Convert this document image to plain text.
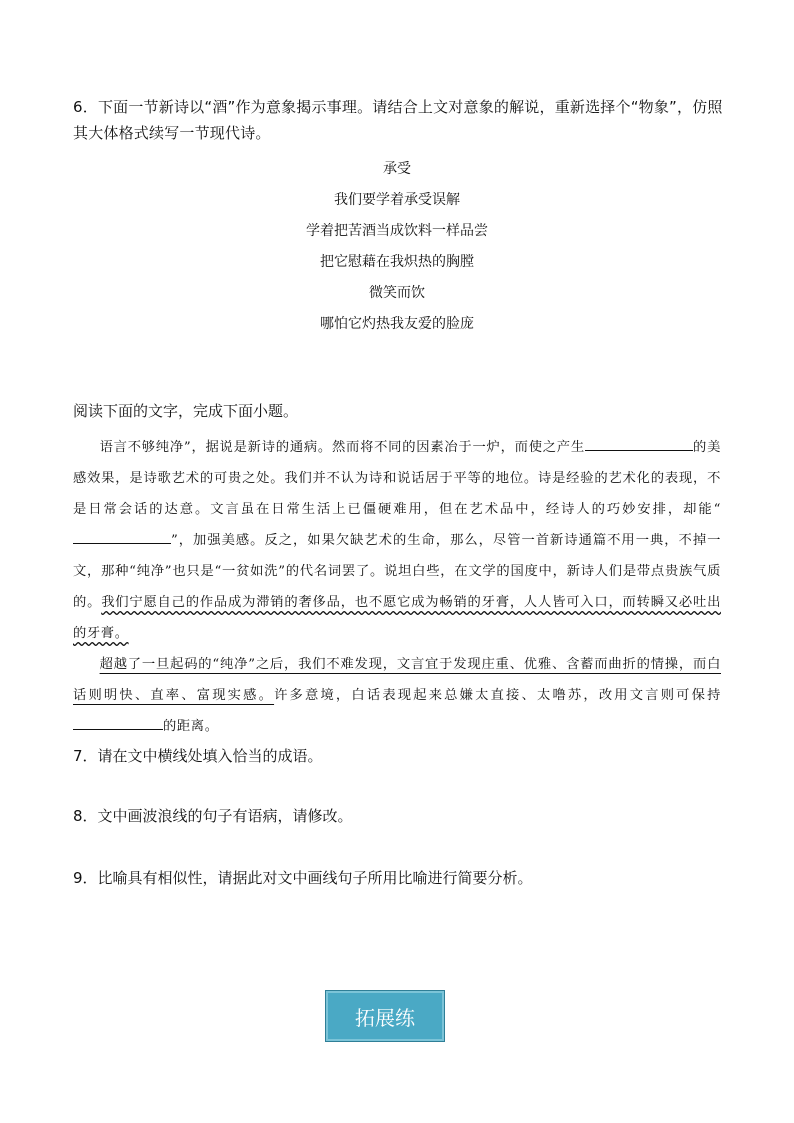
6．下面一节新诗以“酒”作为意象揭示事理。请结合上文对意象的解说，重新选择个“物象”，仿照其大体格式续写一节现代诗。
承受
我们要学着承受误解
学着把苦酒当成饮料一样品尝
把它慰藉在我炽热的胸膛
微笑而饮
哪怕它灼热我友爱的脸庞
阅读下面的文字，完成下面小题。

语言不够纯净”，据说是新诗的通病。然而将不同的因素冶于一炉，而使之产生	的美感效果，是诗歌艺术的可贵之处。我们并不认为诗和说话居于平等的地位。诗是经验的艺术化的表现，不是日常会话的达意。文言虽在日常生活上已僵硬难用，但在艺术品中，经诗人的巧妙安排，却能“”，加强美感。反之，如果欠缺艺术的生命，那么，尽管一首新诗通篇不用一典，不掉一文，那种“纯净”也只是“一贫如洗”的代名词罢了。说坦白些，在文学的国度中，新诗人们是带点贵族气质的。我们宁愿自己的作品成为滞销的奢侈品，也不愿它成为畅销的牙膏，人人皆可入口，而转瞬又必吐出的牙膏。

超越了一旦起码的“纯净”之后，我们不难发现，文言宜于发现庄重、优雅、含蓄而曲折的情操，而白话则明快、直率、富现实感。许多意境，白话表现起来总嫌太直接、太噜苏，改用文言则可保持的距离。

7．请在文中横线处填入恰当的成语。
8．文中画波浪线的句子有语病，请修改。
9．比喻具有相似性，请据此对文中画线句子所用比喻进行简要分析。
拓展练
